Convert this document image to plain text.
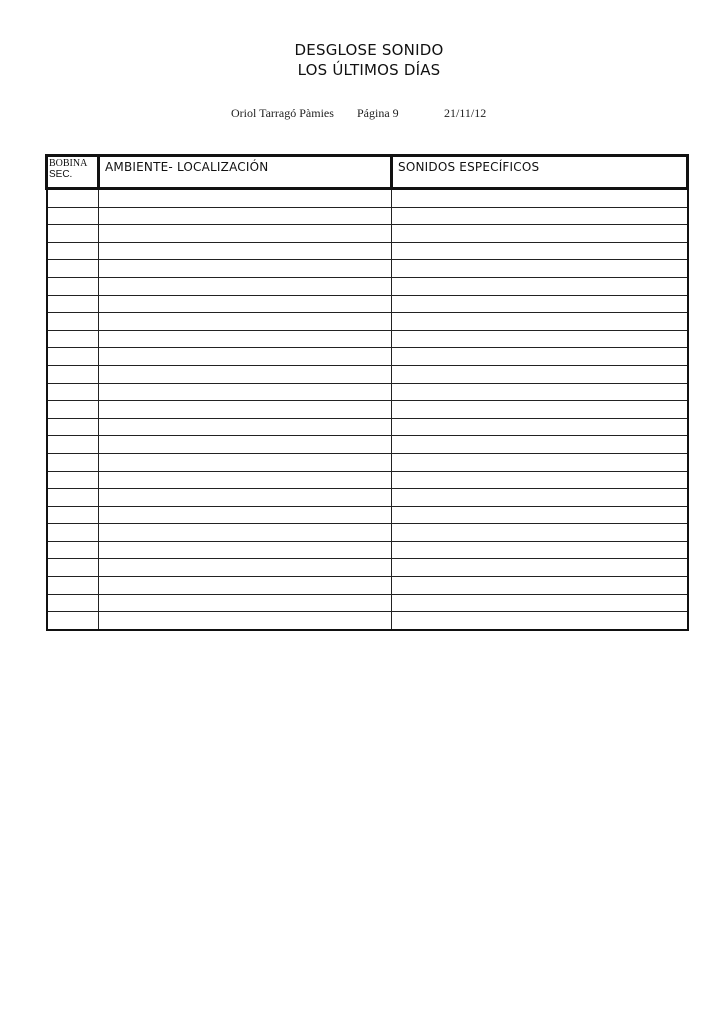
DESGLOSE SONIDO
LOS ÚLTIMOS DÍAS
Oriol Tarragó Pàmies Página 9	21/11/12
BOBINA
SEC.	AMBIENTE- LOCALIZACIÓN	SONIDOS ESPECÍFICOS
